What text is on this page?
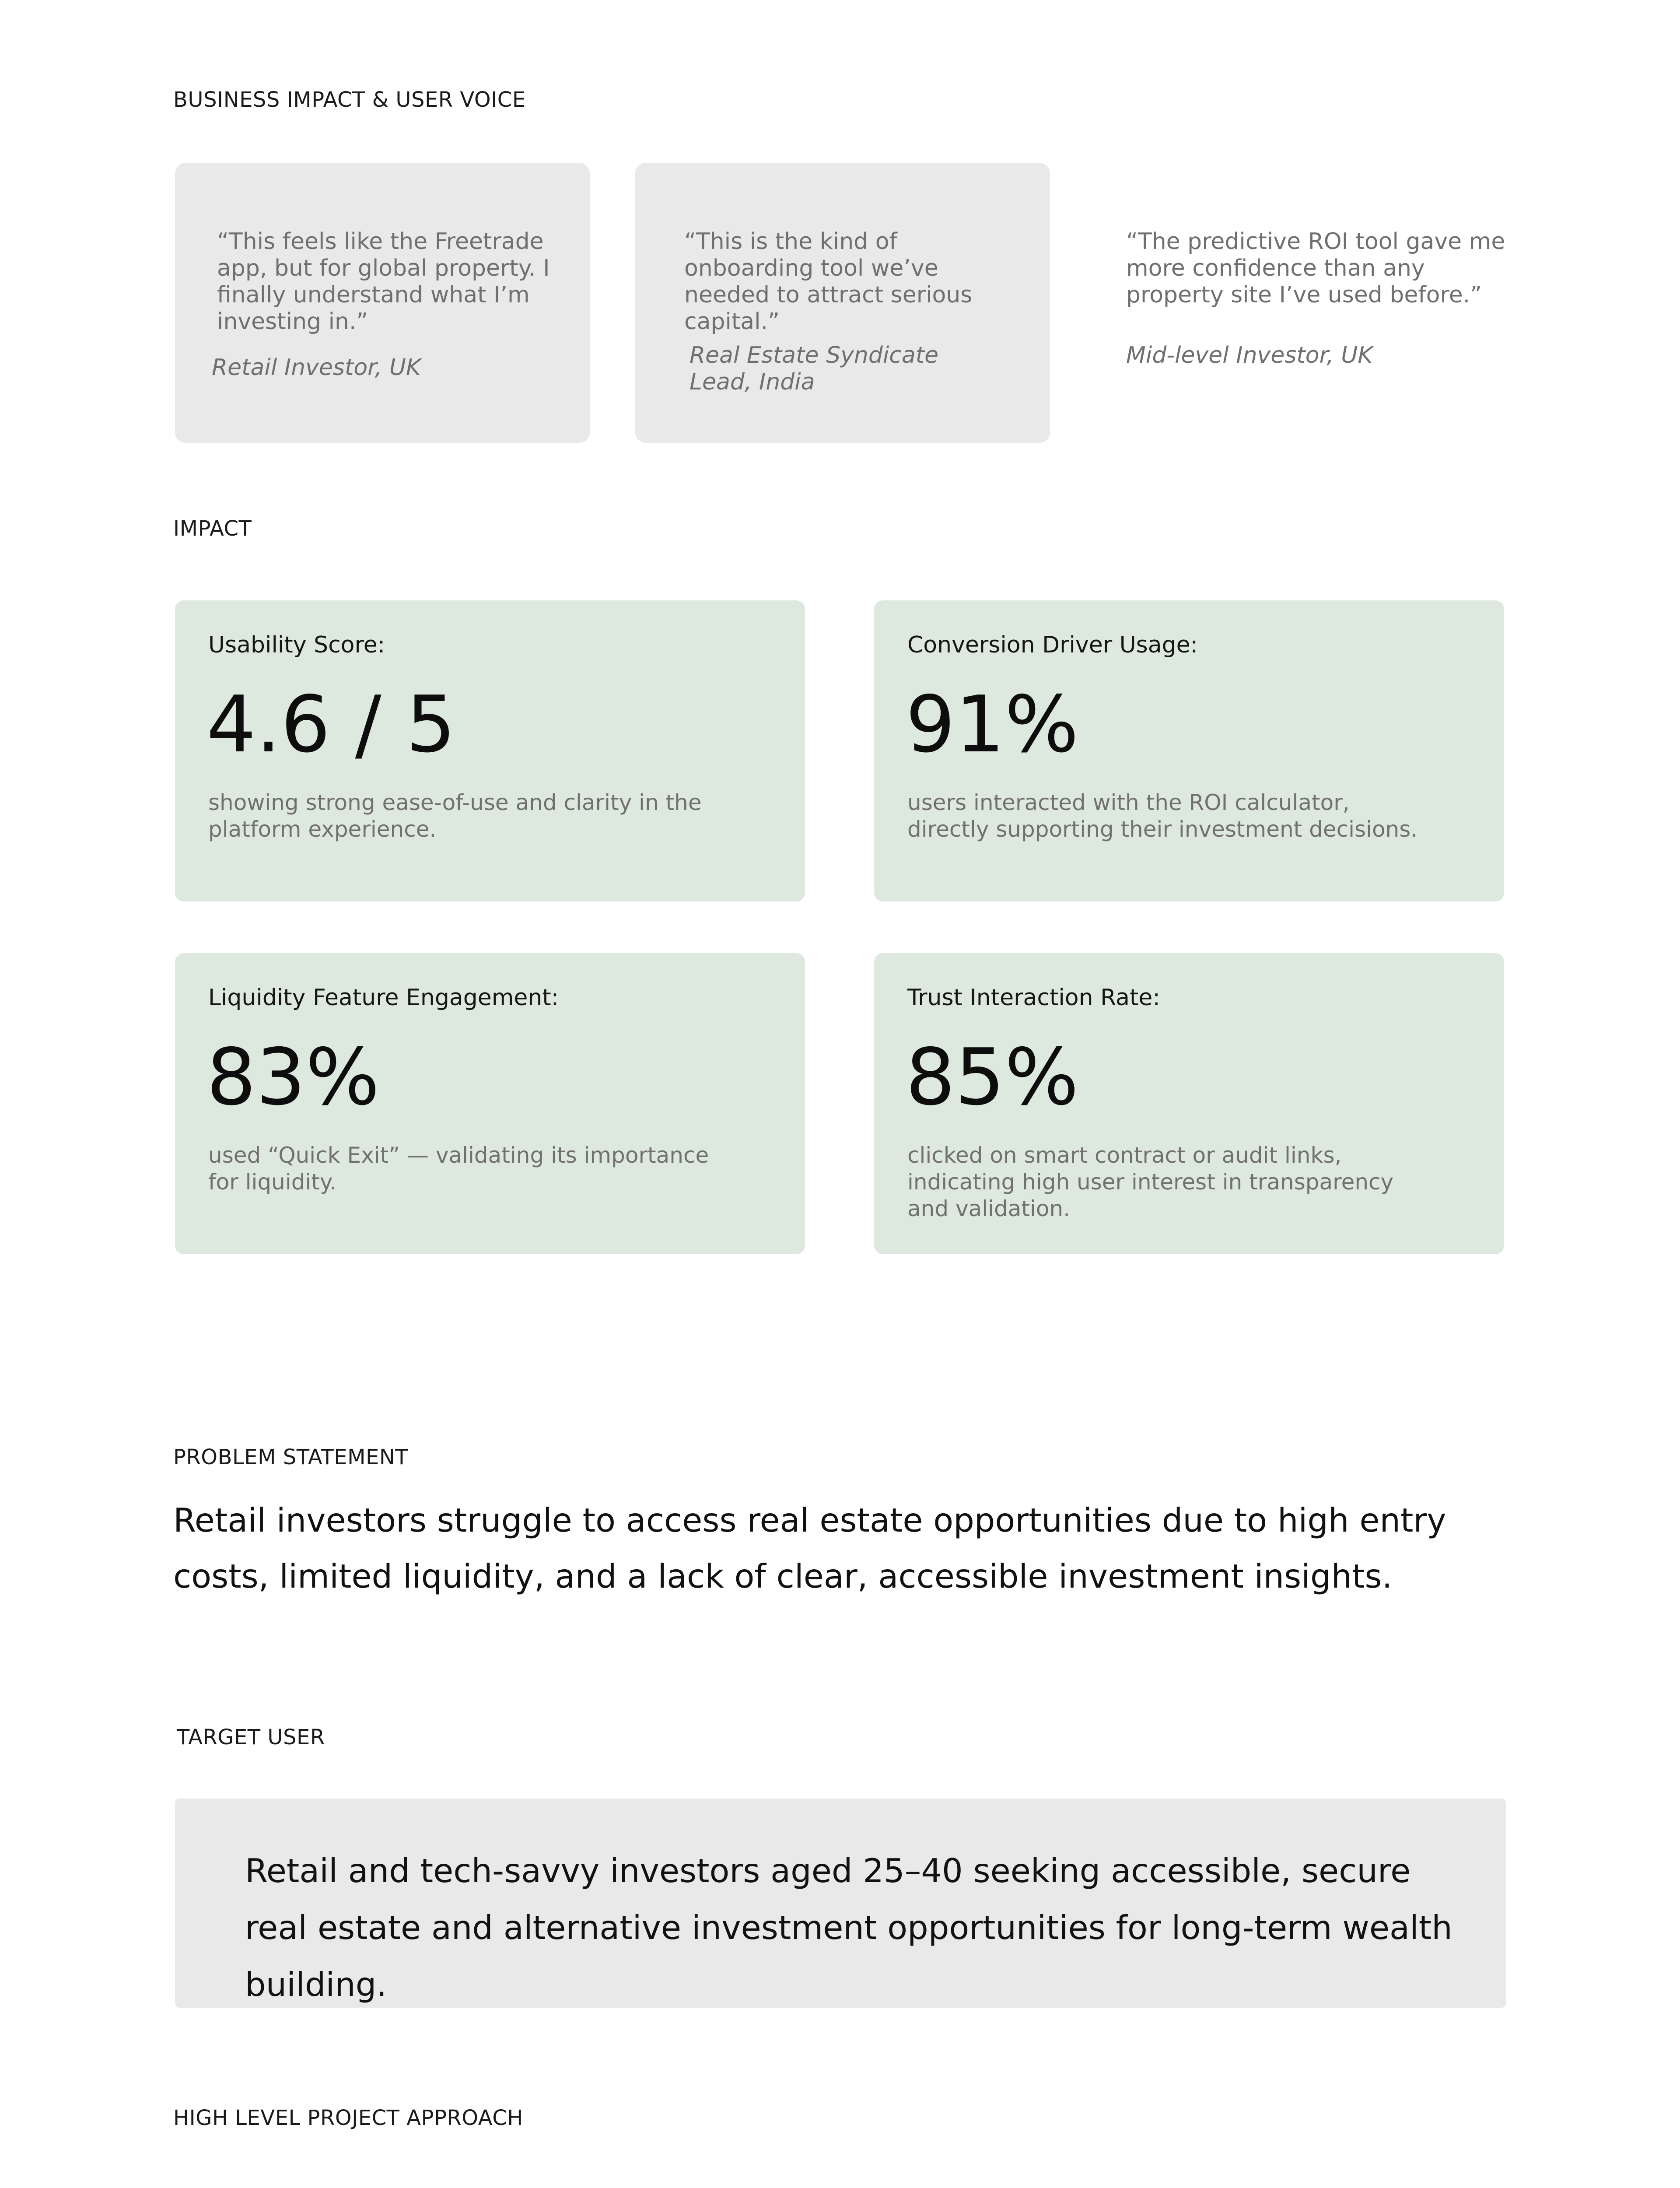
BUSINESS IMPACT & USER VOICE
“This feels like the Freetrade app, but for global property. I finally understand what I’m investing in.”
Retail Investor, UK
“This is the kind of onboarding tool we’ve needed to attract serious capital.”
Real Estate Syndicate Lead, India
“The predictive ROI tool gave me more confidence than any property site I’ve used before.”
Mid-level Investor, UK
IMPACT
Usability Score:
4.6 / 5
showing strong ease-of-use and clarity in the platform experience.
Conversion Driver Usage:
91%
users interacted with the ROI calculator, directly supporting their investment decisions.
Liquidity Feature Engagement:
83%
used “Quick Exit” — validating its importance for liquidity.
Trust Interaction Rate:
85%
clicked on smart contract or audit links, indicating high user interest in transparency and validation.
PROBLEM STATEMENT
Retail investors struggle to access real estate opportunities due to high entry costs, limited liquidity, and a lack of clear, accessible investment insights.
TARGET USER
Retail and tech-savvy investors aged 25–40 seeking accessible, secure real estate and alternative investment opportunities for long-term wealth building.
HIGH LEVEL PROJECT APPROACH
